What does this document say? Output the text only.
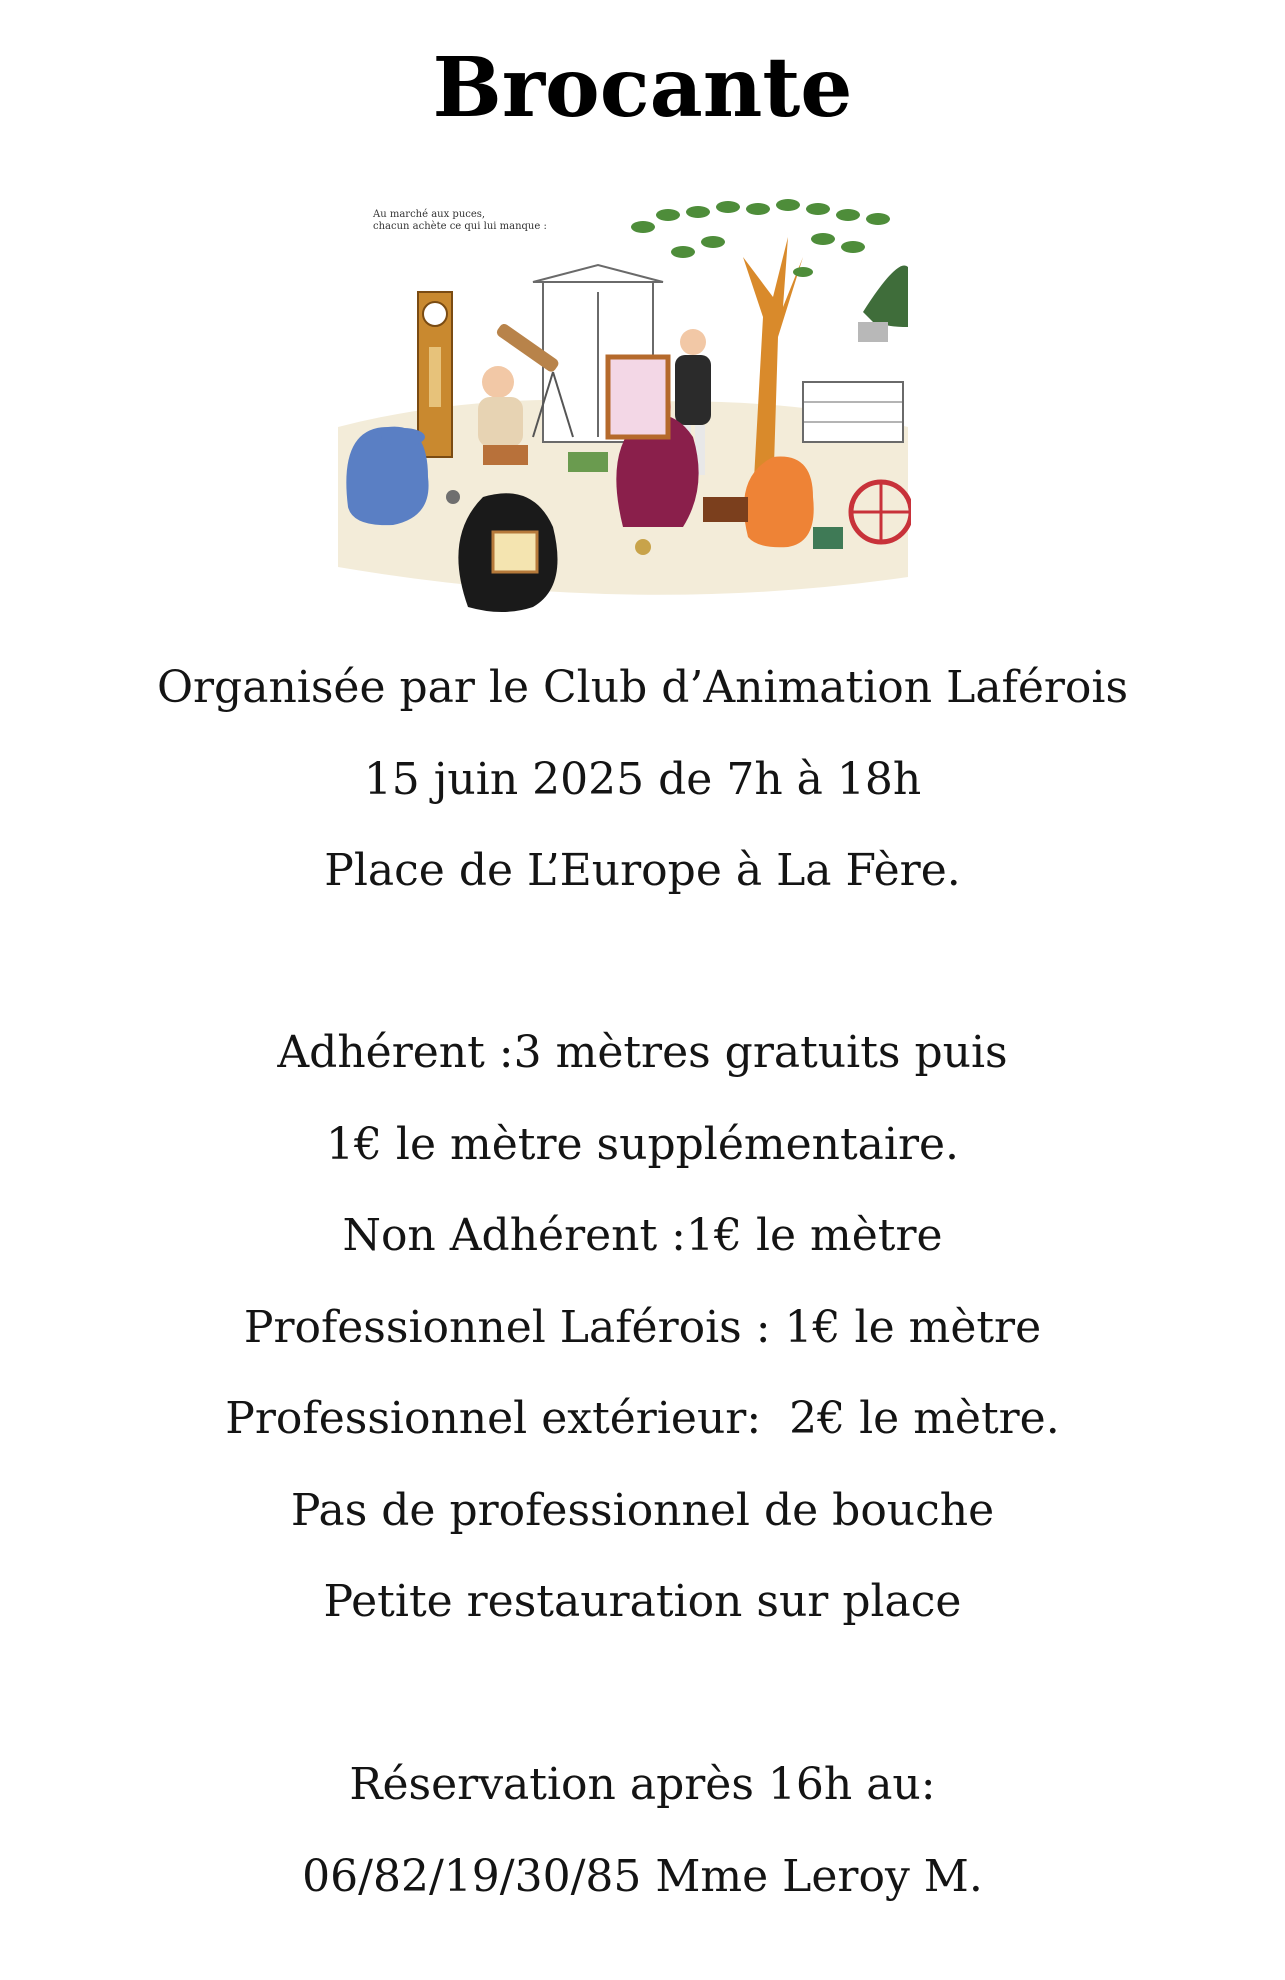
Brocante
Au marché aux puces,
chacun achète ce qui lui manque :
Organisée par le Club d’Animation Laférois
15 juin 2025 de 7h à 18h
Place de L’Europe à La Fère.
Adhérent :3 mètres gratuits puis
1€ le mètre supplémentaire.
Non Adhérent :1€ le mètre
Professionnel Laférois : 1€ le mètre
Professionnel extérieur:  2€ le mètre.
Pas de professionnel de bouche
Petite restauration sur place
Réservation après 16h au:
06/82/19/30/85 Mme Leroy M.
